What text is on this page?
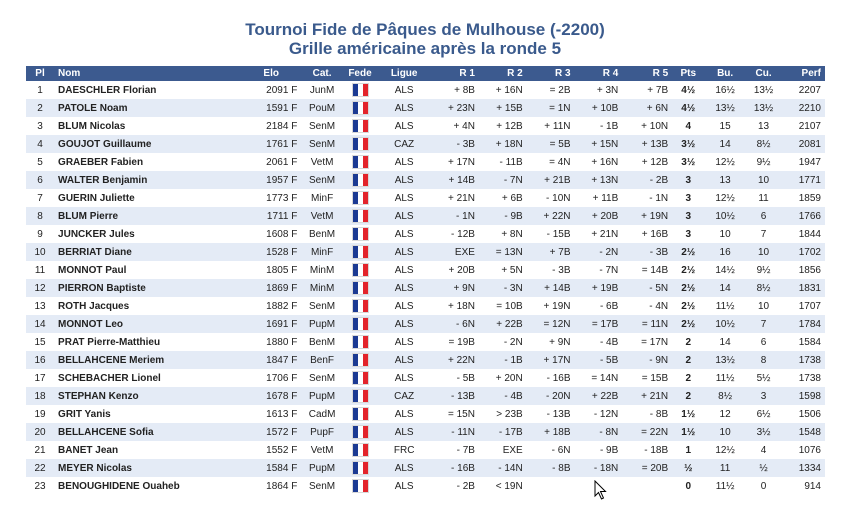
Tournoi Fide de Pâques de Mulhouse (-2200)
Grille américaine après la ronde 5
Pl	Nom	Elo	Cat.	Fede	Ligue	R 1	R 2	R 3	R 4	R 5	Pts	Bu.	Cu.	Perf
1	DAESCHLER Florian	2091 F	JunM		ALS	+ 8B	+ 16N	= 2B	+ 3N	+ 7B	4½	16½	13½	2207
2	PATOLE Noam	1591 F	PouM		ALS	+ 23N	+ 15B	= 1N	+ 10B	+ 6N	4½	13½	13½	2210
3	BLUM Nicolas	2184 F	SenM		ALS	+ 4N	+ 12B	+ 11N	- 1B	+ 10N	4	15	13	2107
4	GOUJOT Guillaume	1761 F	SenM		CAZ	- 3B	+ 18N	= 5B	+ 15N	+ 13B	3½	14	8½	2081
5	GRAEBER Fabien	2061 F	VetM		ALS	+ 17N	- 11B	= 4N	+ 16N	+ 12B	3½	12½	9½	1947
6	WALTER Benjamin	1957 F	SenM		ALS	+ 14B	- 7N	+ 21B	+ 13N	- 2B	3	13	10	1771
7	GUERIN Juliette	1773 F	MinF		ALS	+ 21N	+ 6B	- 10N	+ 11B	- 1N	3	12½	11	1859
8	BLUM Pierre	1711 F	VetM		ALS	- 1N	- 9B	+ 22N	+ 20B	+ 19N	3	10½	6	1766
9	JUNCKER Jules	1608 F	BenM		ALS	- 12B	+ 8N	- 15B	+ 21N	+ 16B	3	10	7	1844
10	BERRIAT Diane	1528 F	MinF		ALS	EXE	= 13N	+ 7B	- 2N	- 3B	2½	16	10	1702
11	MONNOT Paul	1805 F	MinM		ALS	+ 20B	+ 5N	- 3B	- 7N	= 14B	2½	14½	9½	1856
12	PIERRON Baptiste	1869 F	MinM		ALS	+ 9N	- 3N	+ 14B	+ 19B	- 5N	2½	14	8½	1831
13	ROTH Jacques	1882 F	SenM		ALS	+ 18N	= 10B	+ 19N	- 6B	- 4N	2½	11½	10	1707
14	MONNOT Leo	1691 F	PupM		ALS	- 6N	+ 22B	= 12N	= 17B	= 11N	2½	10½	7	1784
15	PRAT Pierre-Matthieu	1880 F	BenM		ALS	= 19B	- 2N	+ 9N	- 4B	= 17N	2	14	6	1584
16	BELLAHCENE Meriem	1847 F	BenF		ALS	+ 22N	- 1B	+ 17N	- 5B	- 9N	2	13½	8	1738
17	SCHEBACHER Lionel	1706 F	SenM		ALS	- 5B	+ 20N	- 16B	= 14N	= 15B	2	11½	5½	1738
18	STEPHAN Kenzo	1678 F	PupM		CAZ	- 13B	- 4B	- 20N	+ 22B	+ 21N	2	8½	3	1598
19	GRIT Yanis	1613 F	CadM		ALS	= 15N	> 23B	- 13B	- 12N	- 8B	1½	12	6½	1506
20	BELLAHCENE Sofia	1572 F	PupF		ALS	- 11N	- 17B	+ 18B	- 8N	= 22N	1½	10	3½	1548
21	BANET Jean	1552 F	VetM		FRC	- 7B	EXE	- 6N	- 9B	- 18B	1	12½	4	1076
22	MEYER Nicolas	1584 F	PupM		ALS	- 16B	- 14N	- 8B	- 18N	= 20B	½	11	½	1334
23	BENOUGHIDENE Ouaheb	1864 F	SenM		ALS	- 2B	< 19N				0	11½	0	914
